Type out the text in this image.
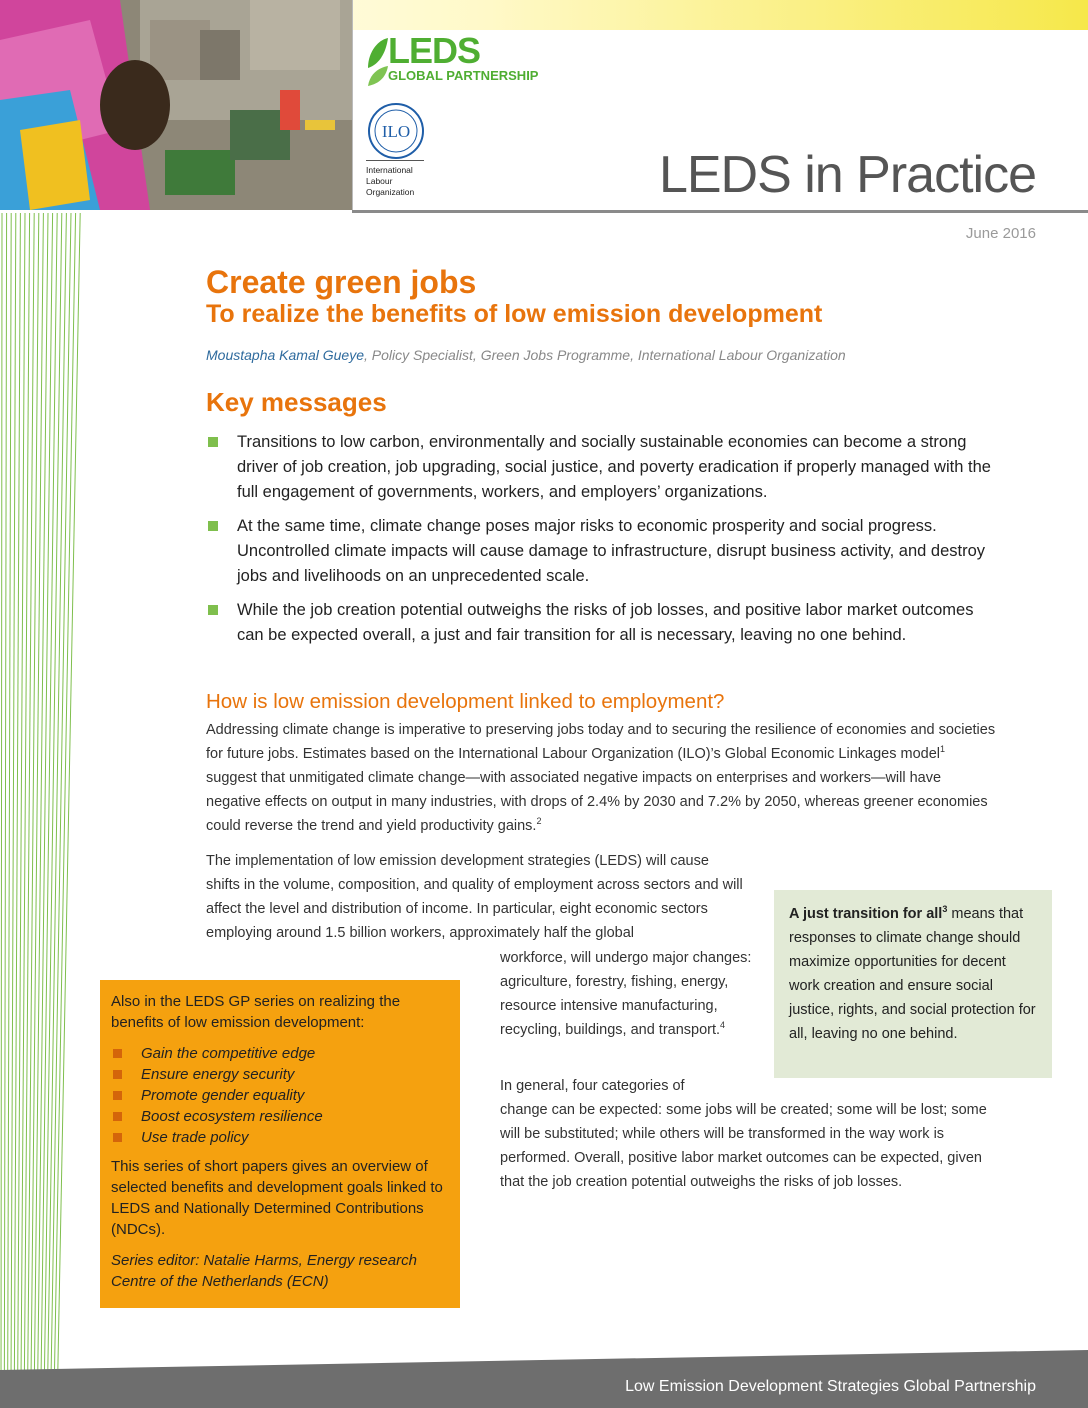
LEDS
GLOBAL PARTNERSHIP
ILO
International
Labour
Organization	LEDS in Practice
June 2016
Create green jobs
To realize the benefits of low emission development
Moustapha Kamal Gueye, Policy Specialist, Green Jobs Programme, International Labour Organization
Key messages
Transitions to low carbon, environmentally and socially sustainable economies can become a strong driver of job creation, job upgrading, social justice, and poverty eradication if properly managed with the full engagement of governments, workers, and employers’ organizations.
At the same time, climate change poses major risks to economic prosperity and social progress. Uncontrolled climate impacts will cause damage to infrastructure, disrupt business activity, and destroy jobs and livelihoods on an unprecedented scale.
While the job creation potential outweighs the risks of job losses, and positive labor market outcomes can be expected overall, a just and fair transition for all is necessary, leaving no one behind.
How is low emission development linked to employment?

Addressing climate change is imperative to preserving jobs today and to securing the resilience of economies and societies for future jobs. Estimates based on the International Labour Organization (ILO)’s Global Economic Linkages model$^1$ suggest that unmitigated climate change—with associated negative impacts on enterprises and workers—will have negative effects on output in many industries, with drops of 2.4% by 2030 and 7.2% by 2050, whereas greener economies could reverse the trend and yield productivity gains.$^2$

The implementation of low emission development strategies (LEDS) will cause shifts in the volume, composition, and quality of employment across sectors and will affect the level and distribution of income. In particular, eight economic sectors employing around 1.5 billion workers, approximately half the global

workforce, will undergo major changes: agriculture, forestry, fishing, energy, resource intensive manufacturing, recycling, buildings, and transport.$^4$

In general, four categories of

change can be expected: some jobs will be created; some will be lost; some will be substituted; while others will be transformed in the way work is performed. Overall, positive labor market outcomes can be expected, given that the job creation potential outweighs the risks of job losses.

A just transition for all$^3$ means that responses to climate change should maximize opportunities for decent work creation and ensure social justice, rights, and social protection for all, leaving no one behind.

Also in the LEDS GP series on realizing the benefits of low emission development:

Gain the competitive edge
Ensure energy security
Promote gender equality
Boost ecosystem resilience
Use trade policy

This series of short papers gives an overview of selected benefits and development goals linked to LEDS and Nationally Determined Contributions (NDCs).

Series editor: Natalie Harms, Energy research Centre of the Netherlands (ECN)

Low Emission Development Strategies Global Partnership
